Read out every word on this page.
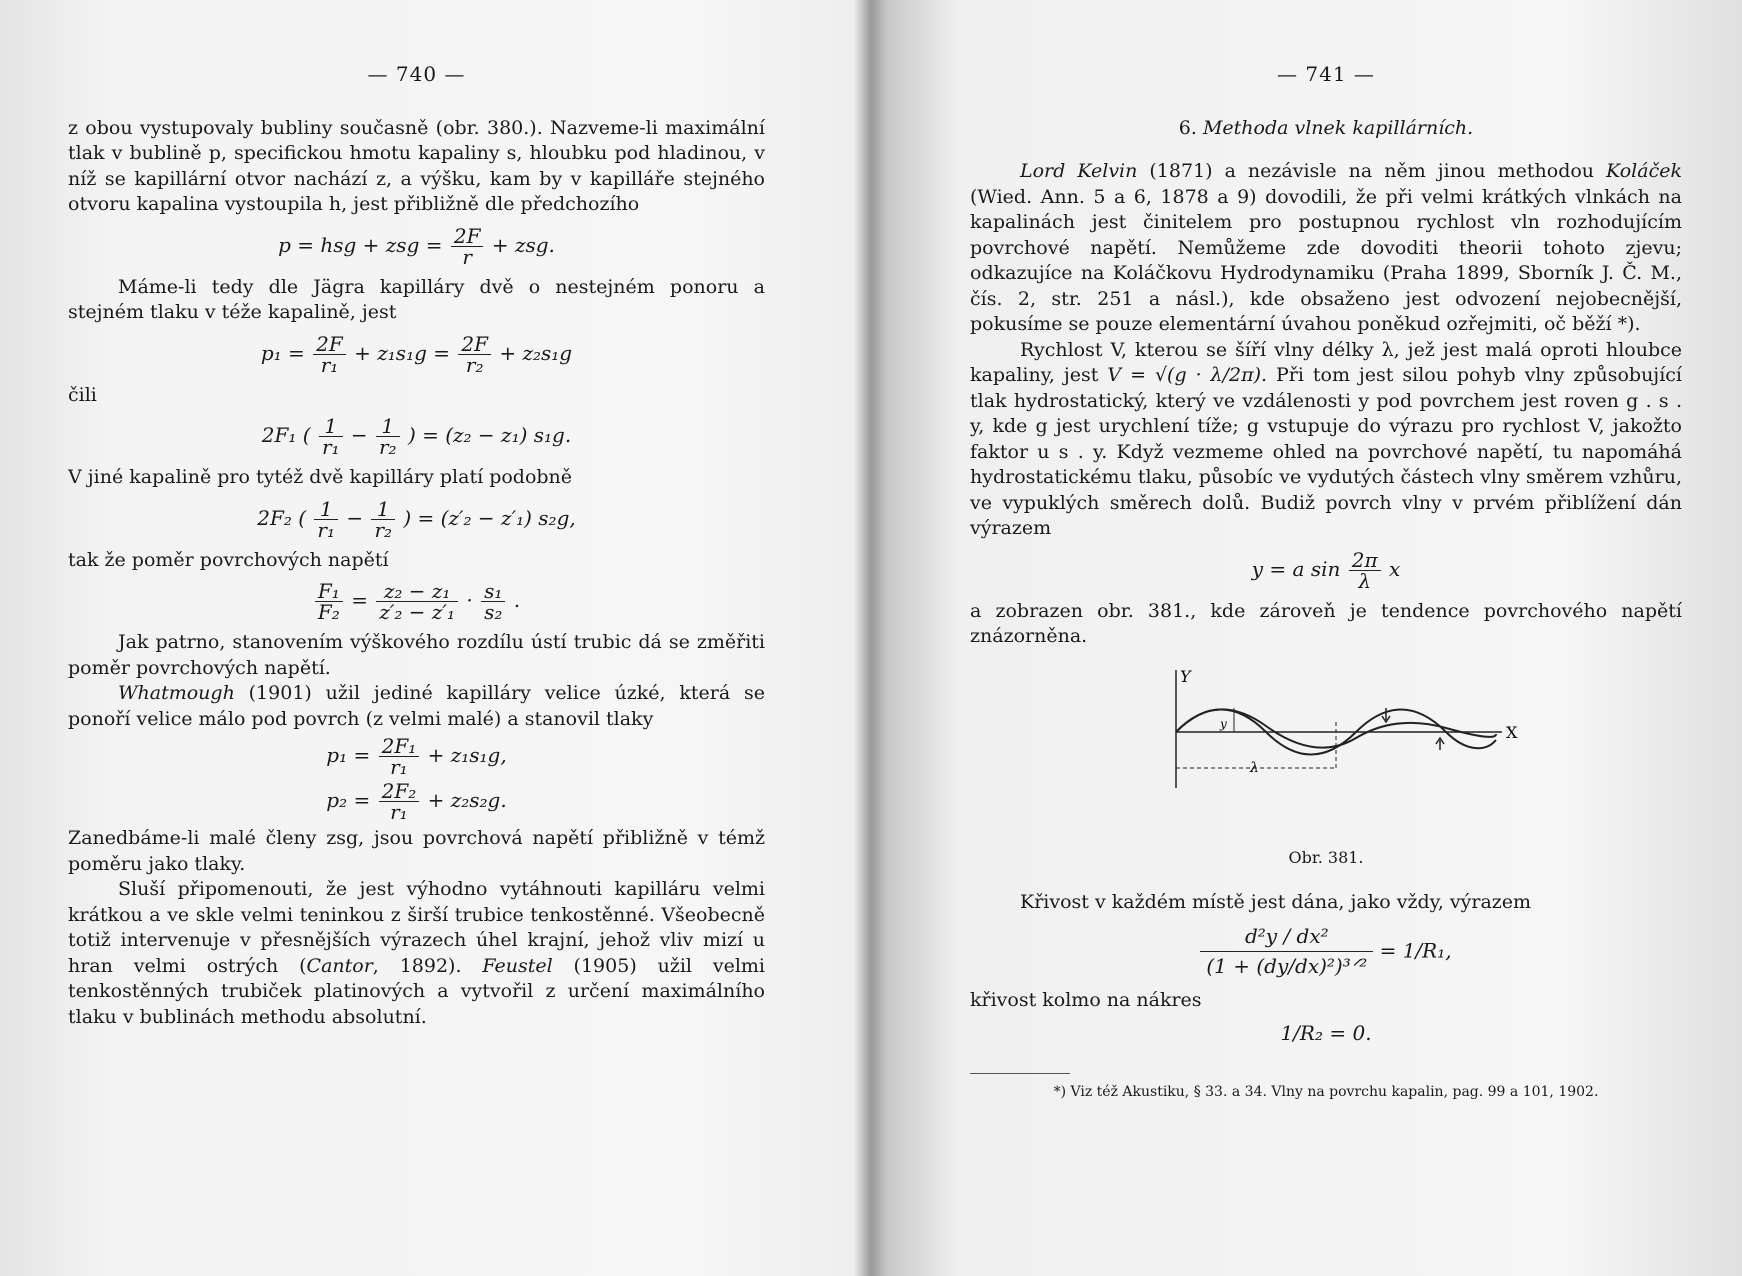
— 740 —

z obou vystupovaly bubliny současně (obr. 380.). Nazveme-li maximální tlak v bublině p, specifickou hmotu kapaliny s, hloubku pod hladinou, v níž se kapillární otvor nachází z, a výšku, kam by v kapilláře stejného otvoru kapalina vystoupila h, jest přibližně dle předchozího

p = hsg + zsg = $\frac{2F}{r}$ + zsg.

Máme-li tedy dle Jägra kapilláry dvě o nestejném ponoru a stejném tlaku v téže kapalině, jest

$p_1 = \frac{2F}{\text{r₁}} + z_1s_1g = \frac{2F}{\text{r₂}} + z_2s_1g$

čili

2F₁ ( $\frac{1}{\text{r₁}} - \frac{1}{\text{r₂}}$ ) = (z₂ − z₁) s₁g.

V jiné kapalině pro tytéž dvě kapilláry platí podobně

2F₂ ( $\frac{1}{\text{r₁}} - \frac{1}{\text{r₂}}$ ) = (z′₂ − z′₁) s₂g,

tak že poměr povrchových napětí

$\frac{\text{F₁}}{\text{F₂}} = \frac{\text{z₂ − z₁}}{\text{z′₂ − z′₁}} \cdot \frac{\text{s₁}}{\text{s₂}}$ .

Jak patrno, stanovením výškového rozdílu ústí trubic dá se změřiti poměr povrchových napětí.

Whatmough (1901) užil jediné kapilláry velice úzké, která se ponoří velice málo pod povrch (z velmi malé) a stanovil tlaky

$p_1 = \frac{\text{2F₁}}{\text{r₁}} + z_1s_1g$,
$p_2 = \frac{\text{2F₂}}{\text{r₁}} + z_2s_2g$.

Zanedbáme-li malé členy zsg, jsou povrchová napětí přibližně v témž poměru jako tlaky.

Sluší připomenouti, že jest výhodno vytáhnouti kapilláru velmi krátkou a ve skle velmi teninkou z širší trubice tenkostěnné. Všeobecně totiž intervenuje v přesnějších výrazech úhel krajní, jehož vliv mizí u hran velmi ostrých (Cantor, 1892). Feustel (1905) užil velmi tenkostěnných trubiček platinových a vytvořil z určení maximálního tlaku v bublinách methodu absolutní.

— 741 —
6. Methoda vlnek kapillárních.

Lord Kelvin (1871) a nezávisle na něm jinou methodou Koláček (Wied. Ann. 5 a 6, 1878 a 9) dovodili, že při velmi krátkých vlnkách na kapalinách jest činitelem pro postupnou rychlost vln rozhodujícím povrchové napětí. Nemůžeme zde dovoditi theorii tohoto zjevu; odkazujíce na Koláčkovu Hydrodynamiku (Praha 1899, Sborník J. Č. M., čís. 2, str. 251 a násl.), kde obsaženo jest odvození nejobecnější, pokusíme se pouze elementární úvahou poněkud ozřejmiti, oč běží *).

Rychlost V, kterou se šíří vlny délky λ, jež jest malá oproti hloubce kapaliny, jest V = √(g · λ/2π). Při tom jest silou pohyb vlny způsobující tlak hydrostatický, který ve vzdálenosti y pod povrchem jest roven g . s . y, kde g jest urychlení tíže; g vstupuje do výrazu pro rychlost V, jakožto faktor u s . y. Když vezmeme ohled na povrchové napětí, tu napomáhá hydrostatickému tlaku, působíc ve vydutých částech vlny směrem vzhůru, ve vypuklých směrech dolů. Budiž povrch vlny v prvém přiblížení dán výrazem

y = a $\sin \frac{2\pi}{\lambda}$ x

a zobrazen obr. 381., kde zároveň je tendence povrchového napětí znázorněna.

Y
X
y
λ
Obr. 381.

Křivost v každém místě jest dána, jako vždy, výrazem

$\frac{\text{d²y / dx²}}{\text{(1 + (dy/dx)²)³ᐟ²}} = 1/R_1$,

křivost kolmo na nákres

1/R₂ = 0.
*) Viz též Akustiku, § 33. a 34. Vlny na povrchu kapalin, pag. 99 a 101, 1902.
